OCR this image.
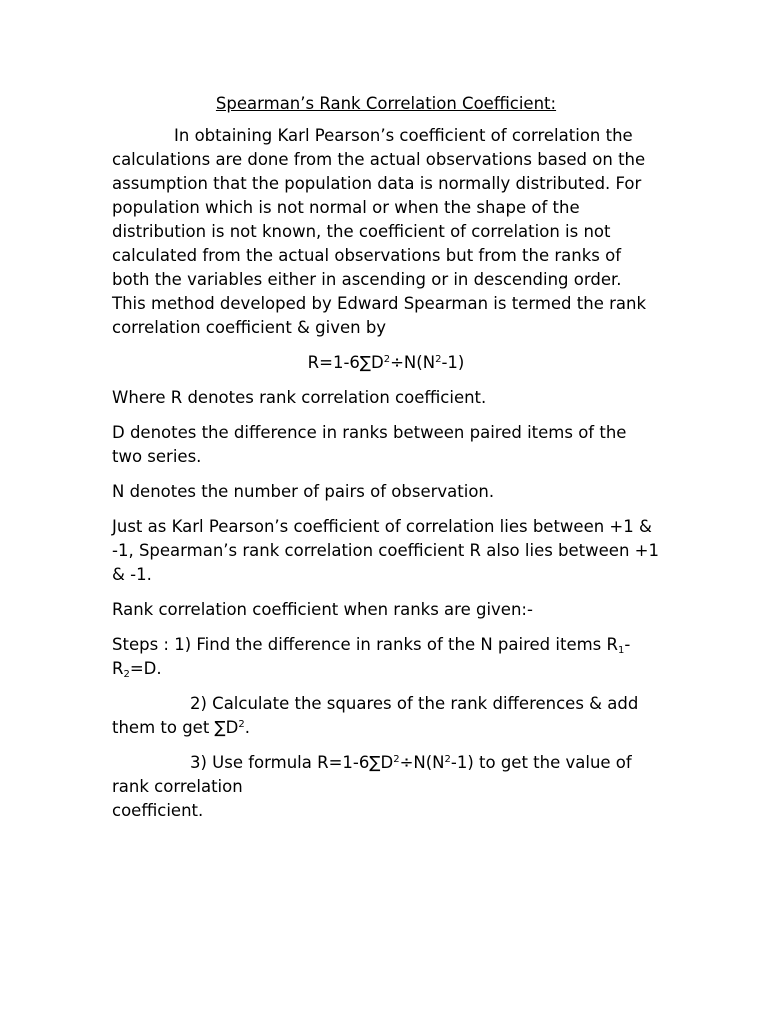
Spearman’s Rank Correlation Coefficient:

In obtaining Karl Pearson’s coefficient of correlation the calculations are done from the actual observations based on the assumption that the population data is normally distributed. For population which is not normal or when the shape of the distribution is not known, the coefficient of correlation is not calculated from the actual observations but from the ranks of both the variables either in ascending or in descending order. This method developed by Edward Spearman is termed the rank correlation coefficient & given by

$R=1-6\sum D^2\div N(N^2-1)$

Where R denotes rank correlation coefficient.

D denotes the difference in ranks between paired items of the two series.

N denotes the number of pairs of observation.

Just as Karl Pearson’s coefficient of correlation lies between +1 & -1, Spearman’s rank correlation coefficient R also lies between +1 & -1.

Rank correlation coefficient when ranks are given:-

Steps : 1) Find the difference in ranks of the N paired items R1-R2=D.

2) Calculate the squares of the rank differences & add them to get $\sum D^2$.

3) Use formula $R=1-6\sum D^2\div N(N^2-1)$ to get the value of rank correlation
coefficient.
